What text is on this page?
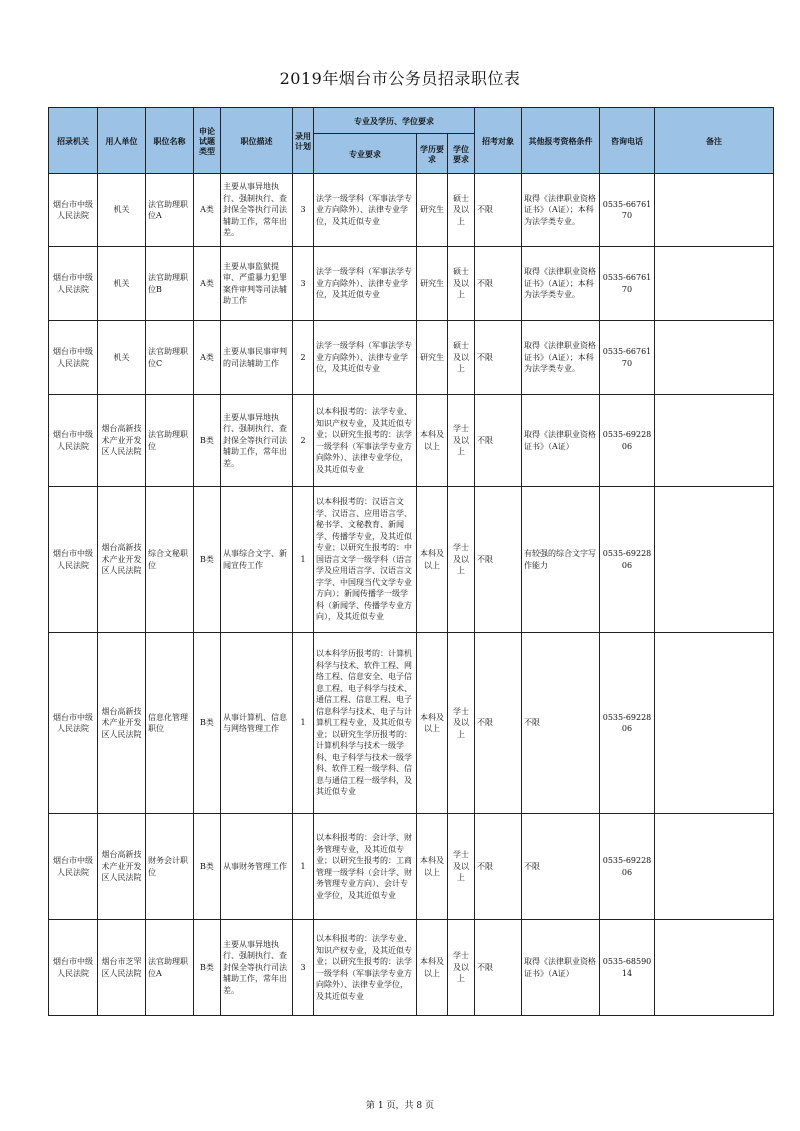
2019年烟台市公务员招录职位表
招录机关	用人单位	职位名称	申论试题类型	职位描述	录用计划	专业及学历、学位要求			招考对象	其他报考资格条件	咨询电话	备注
						专业要求	学历要求	学位要求				
烟台市中级人民法院	机关	法官助理职位A	A类	主要从事异地执行、强制执行、查封保全等执行司法辅助工作，常年出差。	3	法学一级学科（军事法学专业方向除外）、法律专业学位，及其近似专业	研究生	硕士及以上	不限	取得《法律职业资格证书》（A证）；本科为法学类专业。	0535-6676170	
烟台市中级人民法院	机关	法官助理职位B	A类	主要从事监狱提审、严重暴力犯罪案件审判等司法辅助工作	3	法学一级学科（军事法学专业方向除外）、法律专业学位，及其近似专业	研究生	硕士及以上	不限	取得《法律职业资格证书》（A证）；本科为法学类专业。	0535-6676170	
烟台市中级人民法院	机关	法官助理职位C	A类	主要从事民事审判的司法辅助工作	2	法学一级学科（军事法学专业方向除外）、法律专业学位，及其近似专业	研究生	硕士及以上	不限	取得《法律职业资格证书》（A证）；本科为法学类专业。	0535-6676170	
烟台市中级人民法院	烟台高新技术产业开发区人民法院	法官助理职位	B类	主要从事异地执行、强制执行、查封保全等执行司法辅助工作，常年出差。	2	以本科报考的：法学专业、知识产权专业，及其近似专业；以研究生报考的：法学一级学科（军事法学专业方向除外）、法律专业学位，及其近似专业	本科及以上	学士及以上	不限	取得《法律职业资格证书》（A证）	0535-6922806	
烟台市中级人民法院	烟台高新技术产业开发区人民法院	综合文秘职位	B类	从事综合文字、新闻宣传工作	1	以本科报考的：汉语言文学、汉语言、应用语言学、秘书学、文秘教育、新闻学、传播学专业，及其近似专业；以研究生报考的：中国语言文学一级学科（语言学及应用语言学、汉语言文字学、中国现当代文学专业方向）；新闻传播学一级学科（新闻学、传播学专业方向），及其近似专业	本科及以上	学士及以上	不限	有较强的综合文字写作能力	0535-6922806	
烟台市中级人民法院	烟台高新技术产业开发区人民法院	信息化管理职位	B类	从事计算机、信息与网络管理工作	1	以本科学历报考的：计算机科学与技术、软件工程、网络工程、信息安全、电子信息工程、电子科学与技术、通信工程、信息工程、电子信息科学与技术、电子与计算机工程专业，及其近似专业；以研究生学历报考的：计算机科学与技术一级学科、电子科学与技术一级学科、软件工程一级学科、信息与通信工程一级学科，及其近似专业	本科及以上	学士及以上	不限	不限	0535-6922806	
烟台市中级人民法院	烟台高新技术产业开发区人民法院	财务会计职位	B类	从事财务管理工作	1	以本科报考的：会计学、财务管理专业，及其近似专业；以研究生报考的：工商管理一级学科（会计学、财务管理专业方向）、会计专业学位，及其近似专业	本科及以上	学士及以上	不限	不限	0535-6922806	
烟台市中级人民法院	烟台市芝罘区人民法院	法官助理职位A	B类	主要从事异地执行、强制执行、查封保全等执行司法辅助工作，常年出差。	3	以本科报考的：法学专业、知识产权专业，及其近似专业；以研究生报考的：法学一级学科（军事法学专业方向除外）、法律专业学位，及其近似专业	本科及以上	学士及以上	不限	取得《法律职业资格证书》（A证）	0535-6859014	
第 1 页，共 8 页
